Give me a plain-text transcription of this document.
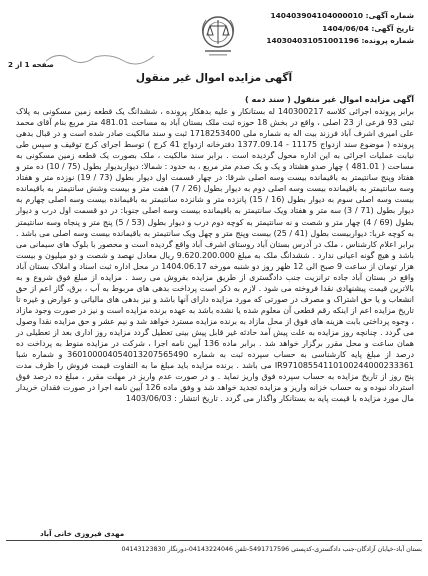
شماره آگهی: 140403904104000010
تاریخ آگهی: 1404/06/04
شماره پرونده: 140304031051001196
صفحه 1 از 2
آگهی مزایده اموال غیر منقول

آگهی مزایده اموال غیر منقول ( سند دمه )

برابر پرونده اجرائی کلاسه 140300217 له بستانکار و علیه بدهکار پرونده ، ششدانگ یک قطعه زمین مسکونی به پلاک ثبتی 93 فرعی از 23 اصلی ، واقع در بخش 18 حوزه ثبت ملک بستان آباد به مساحت 481.01 متر مربع بنام آقای محمد علی امیری اشرف آباد فرزند بیت اله به شماره ملی 1718253400 ثبت و سند مالکیت صادر شده است و در قبال بدهی پرونده ( موضوع سند ازدواج 11175 - 1377.09.14 دفترخانه ازدواج 41 کرج ) توسط اجرای کرج توقیف و سپس طی نیابت عملیات اجرائی به این اداره محول گردیده است . برابر سند مالکیت ، ملک بصورت یک قطعه زمین مسکونی به مساحت ( 481.01 ) چهار صدو هشتاد و یک و یک صدم متر مربع ، به حدود : شمالا: دیواربدیوار بطول (75 / 10) ده متر و هفتاد وپنج سانتیمتر به باقیمانده بیست وسه اصلی شرقا: در چهار قسمت اول دیوار بطول (73 / 19) نوزده متر و هفتاد وسه سانتیمتر به باقیمانده بیست وسه اصلی دوم به دیوار بطول (26 / 7) هفت متر و بیست وشش سانتیمتر به باقیمانده بیست وسه اصلی سوم به دیوار بطول (16 / 15) پانزده متر و شانزده سانتیمتر به باقیمانده بیست وسه اصلی چهارم به دیوار بطول (71 / 3) سه متر و هفتاد ویک سانتیمتر به باقیمانده بیست وسه اصلی جنوبا: در دو قسمت اول درب و دیوار بطول (69 / 4) چهار متر و شصت و نه سانتیمتر به کوچه دوم درب و دیوار بطول (53 / 5) پنج متر و پنجاه وسه سانتیمتر به کوچه غربا: دیواربیست بطول (41 / 25) بیست وپنج متر و چهل ویک سانتیمتر به باقیمانده بیست وسه اصلی می باشد . برابر اعلام کارشناس ، ملک در آدرس بستان آباد روستای اشرف آباد واقع گردیده است و محصور با بلوک های سیمانی می باشد و هیچ گونه اعیانی ندارد . ششدانگ ملک به مبلغ 9.620.200.000 ریال معادل نهصد و شصت و دو میلیون و بیست هزار تومان از ساعت 9 صبح الی 12 ظهر روز دو شنبه مورخه 1404.06.17 در محل اداره ثبت اسناد و املاک بستان آباد واقع در بستان آباد جاده ترانزیت جنب دادگستری از طریق مزایده بفروش می رسد . مزایده از مبلغ فوق شروع و به بالاترین قیمت پیشنهادی نقدا فروخته می شود . لازم به ذکر است پرداخت بدهی های مربوط به آب ، برق، گاز اعم از حق انشعاب و یا حق اشتراک و مصرف در صورتی که مورد مزایده دارای آنها باشد و نیز بدهی های مالیاتی و عوارض و غیره تا تاریخ مزایده اعم از اینکه رقم قطعی آن معلوم شده یا نشده باشد به عهده برنده مزایده است و نیز در صورت وجود مازاد ، وجوه پرداختی بابت هزینه های فوق از محل مازاد به برنده مزایده مسترد خواهد شد و نیم عشر و حق مزایده نقدا وصول می گردد . چنانچه روز مزایده به علت پیش آمد حادثه غیر قابل پیش بینی تعطیل گردد مزایده روز اداری بعد از تعطیلی در همان ساعت و محل مقرر برگزار خواهد شد . برابر ماده 136 آیین نامه اجرا ، شرکت در مزایده منوط به پرداخت ده درصد از مبلغ پایه کارشناسی به حساب سپرده ثبت به شماره 360100004054013207565490 و شماره شبا IR97108554110100244000233361 می باشد . برنده مزایده باید مبلغ ما به التفاوت قیمت فروش را ظرف مدت پنج روز از تاریخ مزایده به حساب سپرده فوق واریز نماید . و در صورت عدم واریز در مهلت مقرر ، مبلغ ده درصد فوق استرداد نبوده و به حساب خزانه واریز و مزایده تجدید خواهد شد و وفق ماده 126 آیین نامه اجرا در صورت فقدان خریدار مال مورد مزایده با قیمت پایه به بستانکار واگذار می گردد . تاریخ انتشار : 1403/06/03

مهدی فیروزی خانی آباد
بستان آباد-خیابان آزادگان-جنب دادگستری-کدپستی 5491717596-تلفن 04143224046-دورنگار 04143123830
